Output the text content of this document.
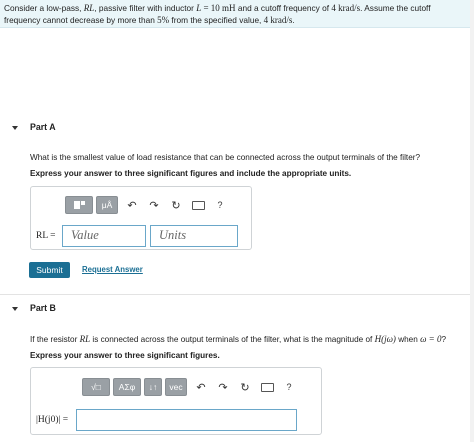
Consider a low-pass, RL, passive filter with inductor L = 10 mH and a cutoff frequency of 4 krad/s. Assume the cutoff
frequency cannot decrease by more than 5% from the specified value, 4 krad/s.
Part A
What is the smallest value of load resistance that can be connected across the output terminals of the filter?
Express your answer to three significant figures and include the appropriate units.
μÅ	↶	↷	↻	?
RL =	Value	Units
Submit	Request Answer
Part B
If the resistor RL is connected across the output terminals of the filter, what is the magnitude of H(jω) when ω = 0?
Express your answer to three significant figures.
√□	ΑΣφ	↓↑	vec	↶	↷	↻	?
|H(j0)| =
